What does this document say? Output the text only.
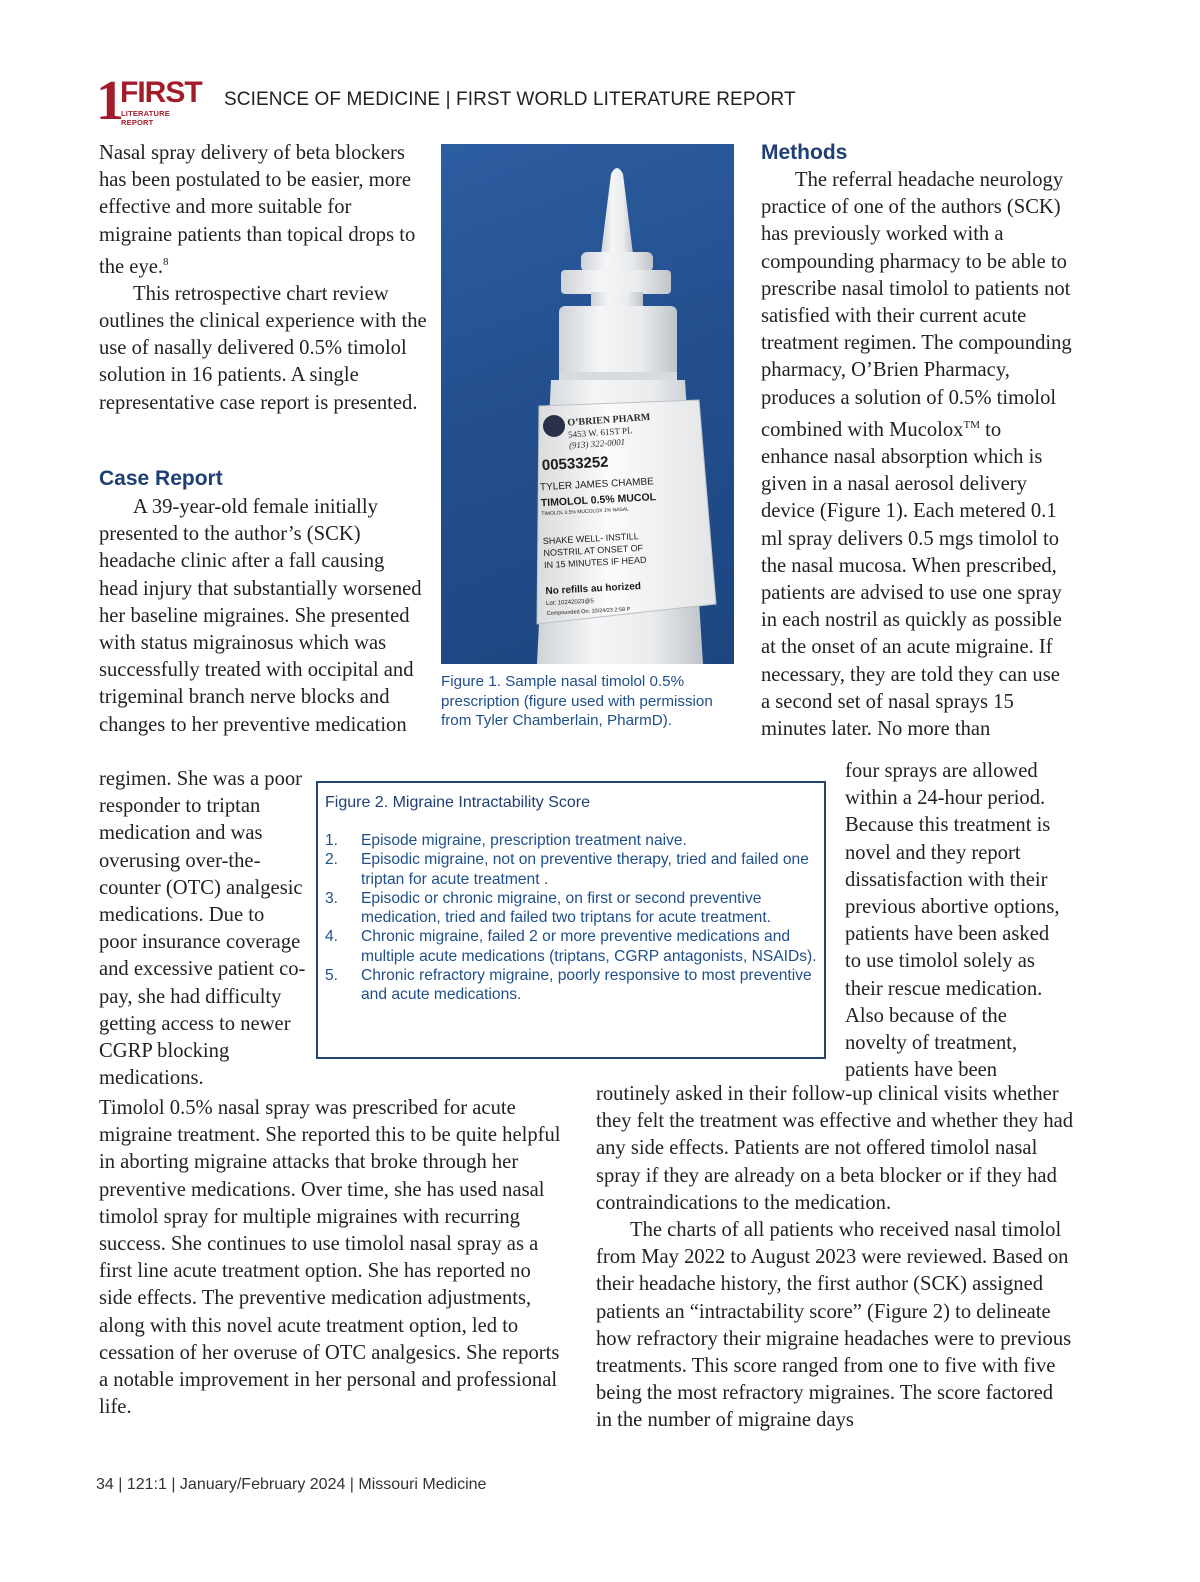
1
FIRST
LITERATURE REPORT
SCIENCE OF MEDICINE | FIRST WORLD LITERATURE REPORT

Nasal spray delivery of beta blockers has been postulated to be easier, more effective and more suitable for migraine patients than topical drops to the eye.$^8$

This retrospective chart review outlines the clinical experience with the use of nasally delivered 0.5% timolol solution in 16 patients. A single representative case report is presented.

Case Report

A 39-year-old female initially presented to the author’s (SCK) headache clinic after a fall causing head injury that substantially worsened her baseline migraines. She presented with status migrainosus which was successfully treated with occipital and trigeminal branch nerve blocks and changes to her preventive medication

regimen. She was a poor responder to triptan medication and was overusing over-the-counter (OTC) analgesic medications. Due to poor insurance coverage and excessive patient co-pay, she had difficulty getting access to newer CGRP blocking medications.

Timolol 0.5% nasal spray was prescribed for acute migraine treatment. She reported this to be quite helpful in aborting migraine attacks that broke through her preventive medications. Over time, she has used nasal timolol spray for multiple migraines with recurring success. She continues to use timolol nasal spray as a first line acute treatment option. She has reported no side effects. The preventive medication adjustments, along with this novel acute treatment option, led to cessation of her overuse of OTC analgesics. She reports a notable improvement in her personal and professional life.

O’BRIEN PHARM
5453 W. 61ST PL
(913) 322-0001
00533252
TYLER JAMES CHAMBE
TIMOLOL 0.5% MUCOL
TIMOLOL 0.5% MUCOLOX 1% NASAL
SHAKE WELL- INSTILL
NOSTRIL AT ONSET OF
IN 15 MINUTES IF HEAD
No refills au horized
Lot: 10242023@5
Compounded On: 10/24/23 2:58 P
Figure 1. Sample nasal timolol 0.5% prescription (figure used with permission from Tyler Chamberlain, PharmD).
Methods

The referral headache neurology practice of one of the authors (SCK) has previously worked with a compounding pharmacy to be able to prescribe nasal timolol to patients not satisfied with their current acute treatment regimen. The compounding pharmacy, O’Brien Pharmacy, produces a solution of 0.5% timolol combined with Mucolox™ to enhance nasal absorption which is given in a nasal aerosol delivery device (Figure 1). Each metered 0.1 ml spray delivers 0.5 mgs timolol to the nasal mucosa. When prescribed, patients are advised to use one spray in each nostril as quickly as possible at the onset of an acute migraine. If necessary, they are told they can use a second set of nasal sprays 15 minutes later. No more than

four sprays are allowed within a 24-hour period. Because this treatment is novel and they report dissatisfaction with their previous abortive options, patients have been asked to use timolol solely as their rescue medication. Also because of the novelty of treatment, patients have been

routinely asked in their follow-up clinical visits whether they felt the treatment was effective and whether they had any side effects. Patients are not offered timolol nasal spray if they are already on a beta blocker or if they had contraindications to the medication.

The charts of all patients who received nasal timolol from May 2022 to August 2023 were reviewed. Based on their headache history, the first author (SCK) assigned patients an “intractability score” (Figure 2) to delineate how refractory their migraine headaches were to previous treatments. This score ranged from one to five with five being the most refractory migraines. The score factored in the number of migraine days

Figure 2. Migraine Intractability Score
1. Episode migraine, prescription treatment naive.
2. Episodic migraine, not on preventive therapy, tried and failed one triptan for acute treatment .
3. Episodic or chronic migraine, on first or second preventive medication, tried and failed two triptans for acute treatment.
4. Chronic migraine, failed 2 or more preventive medications and multiple acute medications (triptans, CGRP antagonists, NSAIDs).
5. Chronic refractory migraine, poorly responsive to most preventive and acute medications.
34 | 121:1 | January/February 2024 | Missouri Medicine
